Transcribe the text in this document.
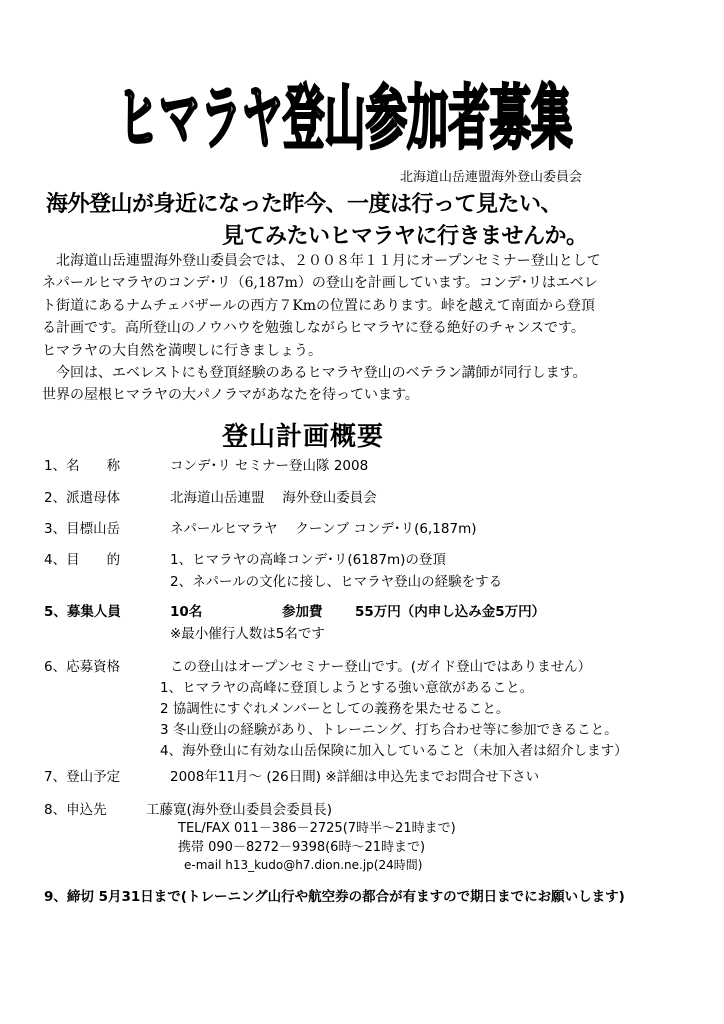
ヒマラヤ登山参加者募集
北海道山岳連盟海外登山委員会
海外登山が身近になった昨今、一度は行って見たい、
見てみたいヒマラヤに行きませんか。

　北海道山岳連盟海外登山委員会では、２００８年１１月にオープンセミナー登山として

ネパールヒマラヤのコンデ･リ（6,187m）の登山を計画しています。コンデ･リはエベレ

ト街道にあるナムチェバザールの西方７Kmの位置にあります。峠を越えて南面から登頂

る計画です。高所登山のノウハウを勉強しながらヒマラヤに登る絶好のチャンスです。

ヒマラヤの大自然を満喫しに行きましょう。

　今回は、エベレストにも登頂経験のあるヒマラヤ登山のベテラン講師が同行します。

世界の屋根ヒマラヤの大パノラマがあなたを待っています。

登山計画概要
1、名　　称	コンデ･リ セミナー登山隊 2008
2、派遣母体	北海道山岳連盟　 海外登山委員会
3、目標山岳	ネパールヒマラヤ　 クーンブ コンデ･リ(6,187m)
4、目　　的	1、ヒマラヤの高峰コンデ･リ(6187m)の登頂
2、ネパールの文化に接し、ヒマラヤ登山の経験をする
5、募集人員	10名	参加費 55万円（内申し込み金5万円）
※最小催行人数は5名です
6、応募資格	この登山はオープンセミナー登山です。(ガイド登山ではありません）
1、ヒマラヤの高峰に登頂しようとする強い意欲があること。
2 協調性にすぐれメンバーとしての義務を果たせること。
3 冬山登山の経験があり、トレーニング、打ち合わせ等に参加できること。
4、海外登山に有効な山岳保険に加入していること（未加入者は紹介します）
7、登山予定	2008年11月～ (26日間) ※詳細は申込先までお問合せ下さい
8、申込先	工藤寛(海外登山委員会委員長)
TEL/FAX 011－386－2725(7時半～21時まで)
携帯 090－8272－9398(6時～21時まで)
e-mail h13_kudo@h7.dion.ne.jp(24時間)
9、締切 5月31日まで(トレーニング山行や航空券の都合が有ますので期日までにお願いします)
